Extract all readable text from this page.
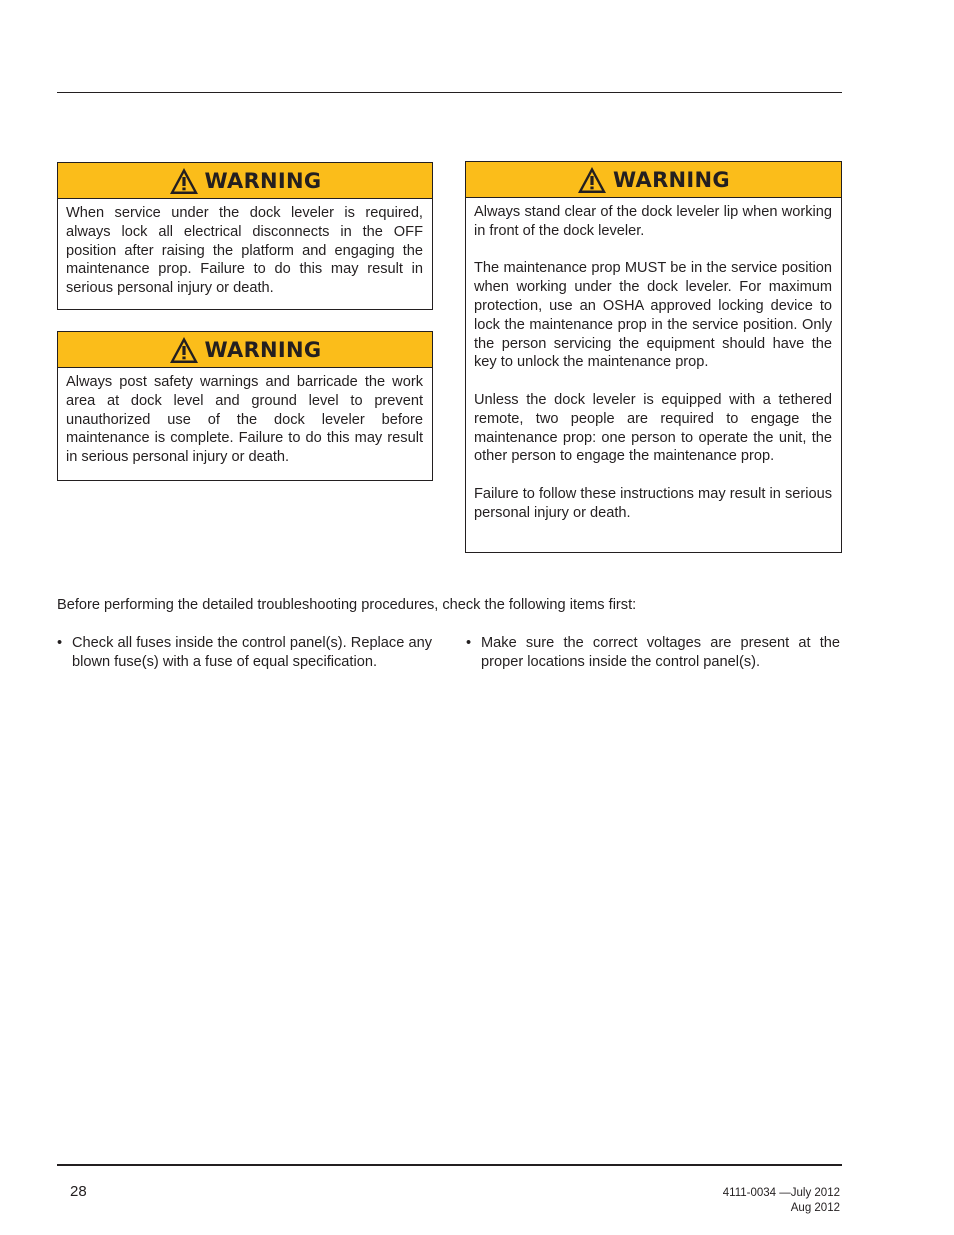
WARNING

When service under the dock leveler is required, always lock all electrical disconnects in the OFF position after raising the platform and engaging the maintenance prop. Failure to do this may result in serious personal injury or death.

WARNING

Always post safety warnings and barricade the work area at dock level and ground level to prevent unauthorized use of the dock leveler before maintenance is complete. Failure to do this may result in serious personal injury or death.

WARNING

Always stand clear of the dock leveler lip when working in front of the dock leveler.

The maintenance prop MUST be in the service position when working under the dock leveler. For maximum protection, use an OSHA approved locking device to lock the maintenance prop in the service position. Only the person servicing the equipment should have the key to unlock the maintenance prop.

Unless the dock leveler is equipped with a tethered remote, two people are required to engage the maintenance prop: one person to operate the unit, the other person to engage the maintenance prop.

Failure to follow these instructions may result in serious personal injury or death.

Before performing the detailed troubleshooting procedures, check the following items first:
• Check all fuses inside the control panel(s). Replace any blown fuse(s) with a fuse of equal specification.
• Make sure the correct voltages are present at the proper locations inside the control panel(s).
28	4111-0034 —July 2012
Aug 2012
